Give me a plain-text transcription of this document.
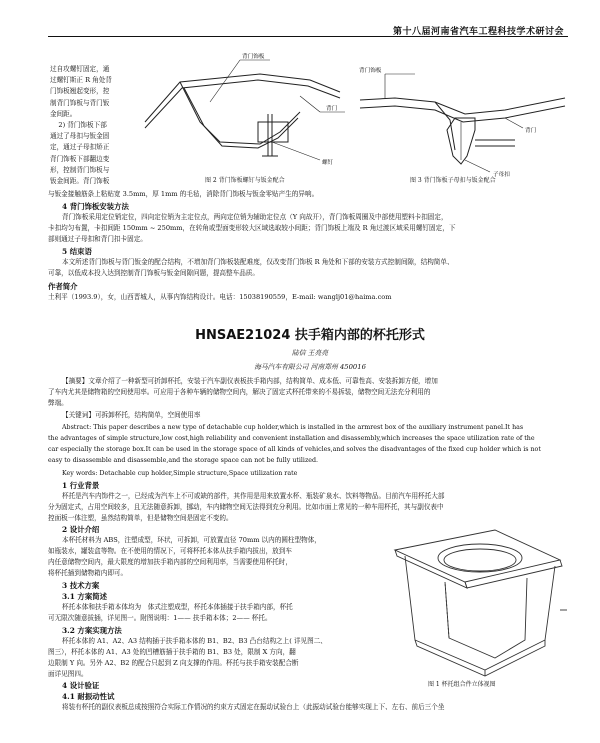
第十八届河南省汽车工程科技学术研讨会
过自攻螺钉固定，通
过螺钉斯正 R 角处背
门饰板翘起变形，控
制背门饰板与背门钣
金间距。
2) 背门饰板下部
通过了母扣与钣金固
定，通过子母扣矫正
背门饰板下部翻边变
形，控制背门饰板与
钣金间距。背门饰板
背门饰板
螺钉
背门
图 2 背门饰板螺钉与钣金配合
背门饰板
子母扣
背门
图 3 背门饰板子母扣与钣金配合
与钣金接触筋条上粘贴宽 3.5mm，厚 1mm 的毛毡，消除背门饰板与钣金零贴产生的异响。
4 背门饰板安装方法
背门饰板采用定位销定位，四向定位销为主定位点，两向定位销为辅助定位点（Y 向故开），背门饰板周圈及中部使用塑料卡扣固定，
卡扣均匀布置，卡扣间距 150mm ~ 250mm，在转角或型面变形较大区域选取较小间距；背门饰板上端及 R 角过渡区域采用螺钉固定，下
部则通过子母扣和背门扣卡固定。
5 结束语
本文所述背门饰板与背门钣金的配合结构，不增加背门饰板装配难度，仅改变背门饰板 R 角处和下部的安装方式控制间隙，结构简单、
可靠，以低成本投入达到控制背门饰板与钣金间隙问题，提高整车品质。
作者简介
土利平（1993.9），女，山西晋城人，从事内饰结构设计。电话：15038190559，E-mail: wanglj01@haima.com
HNSAE21024 扶手箱内部的杯托形式
陆信 王亮亮
海马汽车有限公司 河南郑州 450016
【摘要】文章介绍了一种新型可折卸杯托，安装于汽车副仪表板扶手箱内部，结构简单、成本低、可靠性高、安装拆卸方便，增加
了车内尤其是储物箱的空间使用率。可应用于各种车辆的储物空间内，解决了固定式杯托带来的不易拆装，储物空间无法充分利用的
弊端。
【关键词】可拆卸杯托，结构简单，空间使用率
Abstract: This paper describes a new type of detachable cup holder,which is installed in the armrest box of the auxiliary instrument panel.It has
the advantages of simple structure,low cost,high reliability and convenient installation and disassembly,which increases the space utilization rate of the
car especially the storage box.It can be used in the storage space of all kinds of vehicles,and solves the disadvantages of the fixed cup holder which is not
easy to disassemble and disassemble,and the storage space can not be fully utilized.
Key words: Detachable cup holder,Simple structure,Space utilization rate
1 行业背景
杯托是汽车内饰件之一，已经成为汽车上不可或缺的部件，其作用是用来放置水杯、瓶装矿泉水、饮料等物品。目前汽车用杯托大部
分为固定式，占用空间较多，且无法随意拆卸，挪动，车内储物空间无法得到充分利用。比如市面上常见的一种车用杯托，其与副仪表中
控面板一体注塑，虽然结构简单，但是储物空间是固定不变的。
2 设计介绍
本杯托材料为 ABS，注塑成型，环状，可拆卸，可放置直径 70mm 以内的圆柱型物体，
如瓶装水，罐装盒等物。在不使用的情况下，可将杯托本体从扶手箱内拔出，放到车
内任意储物空间内，最大限度的增加扶手箱内部的空间利用率，当需要使用杯托时，
将杯托插到储物箱内即可。
3 技术方案
3.1 方案简述
杯托本体和扶手箱本体均为　体式注塑成型，杯托本体插接于扶手箱内部，杯托
可无限次随意拔插，详见图一。附图说明：1—— 扶手箱本体；2—— 杯托。
3.2 方案实现方法
杯托本体的 A1、A2、A3 结构插于扶手箱本体的 B1、B2、B3 凸台结构之上( 详见图二、
图三），杯托本体的 A1、A3 处的凹槽筋插于扶手箱的 B1、B3 处，限制 X 方向，翻
边限制 Y 向。另外 A2、B2 的配合只起到 Z 向支撑的作用。杯托与扶手箱安装配合断
面详见图四。
图 1 杯托组合件立体视图
4 设计验证
4.1 耐振动性试
将装有杯托的副仪表板总成按照符合实际工作情况的约束方式固定在振动试验台上（此振动试验台能够实现上下、左右、前后三个坐
